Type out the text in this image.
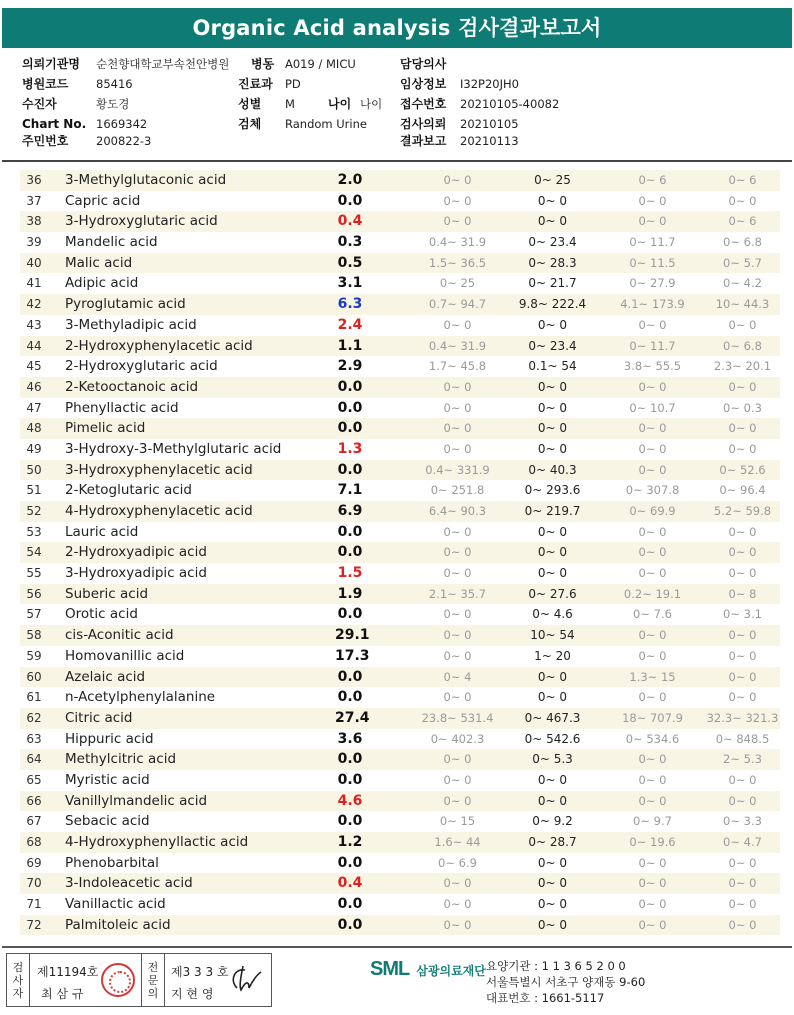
Organic Acid analysis 검사결과보고서
의뢰기관명 순천향대학교부속천안병원 병동 A019 / MICU	담당의사
병원코드 85416	진료과 PD	임상정보 I32P20JH0
수진자	황도경	성별 M	나이 나이 접수번호 20210105-40082
Chart No. 1669342	검체 Random Urine	검사의뢰 20210105
주민번호 200822-3	결과보고 20210113
36	3-Methylglutaconic acid	2.0	0~ 0	0~ 25	0~ 6	0~ 6
37	Capric acid	0.0	0~ 0	0~ 0	0~ 0	0~ 0
38	3-Hydroxyglutaric acid	0.4	0~ 0	0~ 0	0~ 0	0~ 6
39	Mandelic acid	0.3	0.4~ 31.9	0~ 23.4	0~ 11.7	0~ 6.8
40	Malic acid	0.5	1.5~ 36.5	0~ 28.3	0~ 11.5	0~ 5.7
41	Adipic acid	3.1	0~ 25	0~ 21.7	0~ 27.9	0~ 4.2
42	Pyroglutamic acid	6.3	0.7~ 94.7	9.8~ 222.4	4.1~ 173.9	10~ 44.3
43	3-Methyladipic acid	2.4	0~ 0	0~ 0	0~ 0	0~ 0
44	2-Hydroxyphenylacetic acid	1.1	0.4~ 31.9	0~ 23.4	0~ 11.7	0~ 6.8
45	2-Hydroxyglutaric acid	2.9	1.7~ 45.8	0.1~ 54	3.8~ 55.5	2.3~ 20.1
46	2-Ketooctanoic acid	0.0	0~ 0	0~ 0	0~ 0	0~ 0
47	Phenyllactic acid	0.0	0~ 0	0~ 0	0~ 10.7	0~ 0.3
48	Pimelic acid	0.0	0~ 0	0~ 0	0~ 0	0~ 0
49	3-Hydroxy-3-Methylglutaric acid	1.3	0~ 0	0~ 0	0~ 0	0~ 0
50	3-Hydroxyphenylacetic acid	0.0	0.4~ 331.9	0~ 40.3	0~ 0	0~ 52.6
51	2-Ketoglutaric acid	7.1	0~ 251.8	0~ 293.6	0~ 307.8	0~ 96.4
52	4-Hydroxyphenylacetic acid	6.9	6.4~ 90.3	0~ 219.7	0~ 69.9	5.2~ 59.8
53	Lauric acid	0.0	0~ 0	0~ 0	0~ 0	0~ 0
54	2-Hydroxyadipic acid	0.0	0~ 0	0~ 0	0~ 0	0~ 0
55	3-Hydroxyadipic acid	1.5	0~ 0	0~ 0	0~ 0	0~ 0
56	Suberic acid	1.9	2.1~ 35.7	0~ 27.6	0.2~ 19.1	0~ 8
57	Orotic acid	0.0	0~ 0	0~ 4.6	0~ 7.6	0~ 3.1
58	cis-Aconitic acid	29.1	0~ 0	10~ 54	0~ 0	0~ 0
59	Homovanillic acid	17.3	0~ 0	1~ 20	0~ 0	0~ 0
60	Azelaic acid	0.0	0~ 4	0~ 0	1.3~ 15	0~ 0
61	n-Acetylphenylalanine	0.0	0~ 0	0~ 0	0~ 0	0~ 0
62	Citric acid	27.4	23.8~ 531.4	0~ 467.3	18~ 707.9	32.3~ 321.3
63	Hippuric acid	3.6	0~ 402.3	0~ 542.6	0~ 534.6	0~ 848.5
64	Methylcitric acid	0.0	0~ 0	0~ 5.3	0~ 0	2~ 5.3
65	Myristic acid	0.0	0~ 0	0~ 0	0~ 0	0~ 0
66	Vanillylmandelic acid	4.6	0~ 0	0~ 0	0~ 0	0~ 0
67	Sebacic acid	0.0	0~ 15	0~ 9.2	0~ 9.7	0~ 3.3
68	4-Hydroxyphenyllactic acid	1.2	1.6~ 44	0~ 28.7	0~ 19.6	0~ 4.7
69	Phenobarbital	0.0	0~ 6.9	0~ 0	0~ 0	0~ 0
70	3-Indoleacetic acid	0.4	0~ 0	0~ 0	0~ 0	0~ 0
71	Vanillactic acid	0.0	0~ 0	0~ 0	0~ 0	0~ 0
72	Palmitoleic acid	0.0	0~ 0	0~ 0	0~ 0	0~ 0
검
사
자
제11194호
최 삼 규
전
문
의
제3 3 3 호
지 현 영
SML 삼광의료재단 요양기관 : 1 1 3 6 5 2 0 0
서울특별시 서초구 양재동 9-60
대표번호 : 1661-5117
